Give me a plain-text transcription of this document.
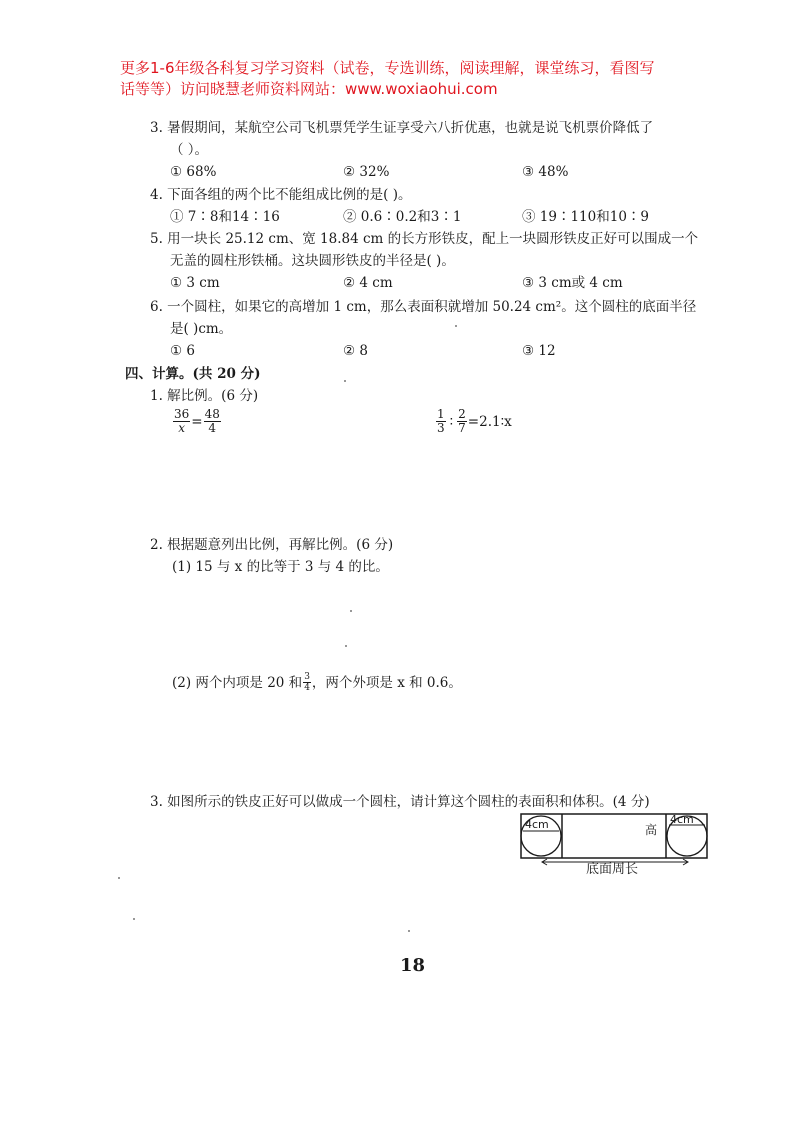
更多1-6年级各科复习学习资料（试卷，专选训练，阅读理解，课堂练习，看图写
话等等）访问晓慧老师资料网站：www.woxiaohui.com
3. 暑假期间，某航空公司飞机票凭学生证享受六八折优惠，也就是说飞机票价降低了
（ ）。
① 68%	② 32%	③ 48%
4. 下面各组的两个比不能组成比例的是( )。
① 7∶8和14∶16	② 0.6∶0.2和3∶1	③ 19∶110和10∶9
5. 用一块长 25.12 cm、宽 18.84 cm 的长方形铁皮，配上一块圆形铁皮正好可以围成一个
无盖的圆柱形铁桶。这块圆形铁皮的半径是( )。
① 3 cm	② 4 cm	③ 3 cm或 4 cm
6. 一个圆柱，如果它的高增加 1 cm，那么表面积就增加 50.24 cm²。这个圆柱的底面半径
是( )cm。
① 6	② 8	③ 12
四、计算。(共 20 分)
1. 解比例。(6 分)
$\frac{36}{x} = \frac{48}{4}$	$\frac{1}{3}$ ∶ $\frac{2}{7}$ =2.1∶x
2. 根据题意列出比例，再解比例。(6 分)
(1) 15 与 x 的比等于 3 与 4 的比。
(2) 两个内项是 20 和 $\frac{3}{4}$ ，两个外项是 x 和 0.6。
3. 如图所示的铁皮正好可以做成一个圆柱，请计算这个圆柱的表面积和体积。(4 分)
4cm	4cm
高
底面周长
18
